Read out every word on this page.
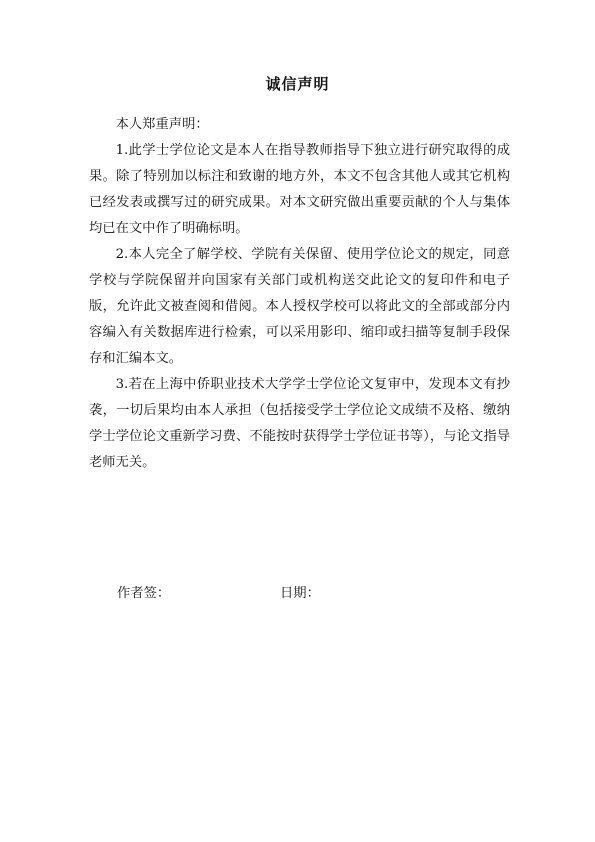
诚信声明

本人郑重声明：

1.此学士学位论文是本人在指导教师指导下独立进行研究取得的成果。除了特别加以标注和致谢的地方外，本文不包含其他人或其它机构已经发表或撰写过的研究成果。对本文研究做出重要贡献的个人与集体均已在文中作了明确标明。

2.本人完全了解学校、学院有关保留、使用学位论文的规定，同意学校与学院保留并向国家有关部门或机构送交此论文的复印件和电子版，允许此文被查阅和借阅。本人授权学校可以将此文的全部或部分内容编入有关数据库进行检索，可以采用影印、缩印或扫描等复制手段保存和汇编本文。

3.若在上海中侨职业技术大学学士学位论文复审中，发现本文有抄袭，一切后果均由本人承担（包括接受学士学位论文成绩不及格、缴纳学士学位论文重新学习费、不能按时获得学士学位证书等），与论文指导老师无关。

作者签：	日期：
